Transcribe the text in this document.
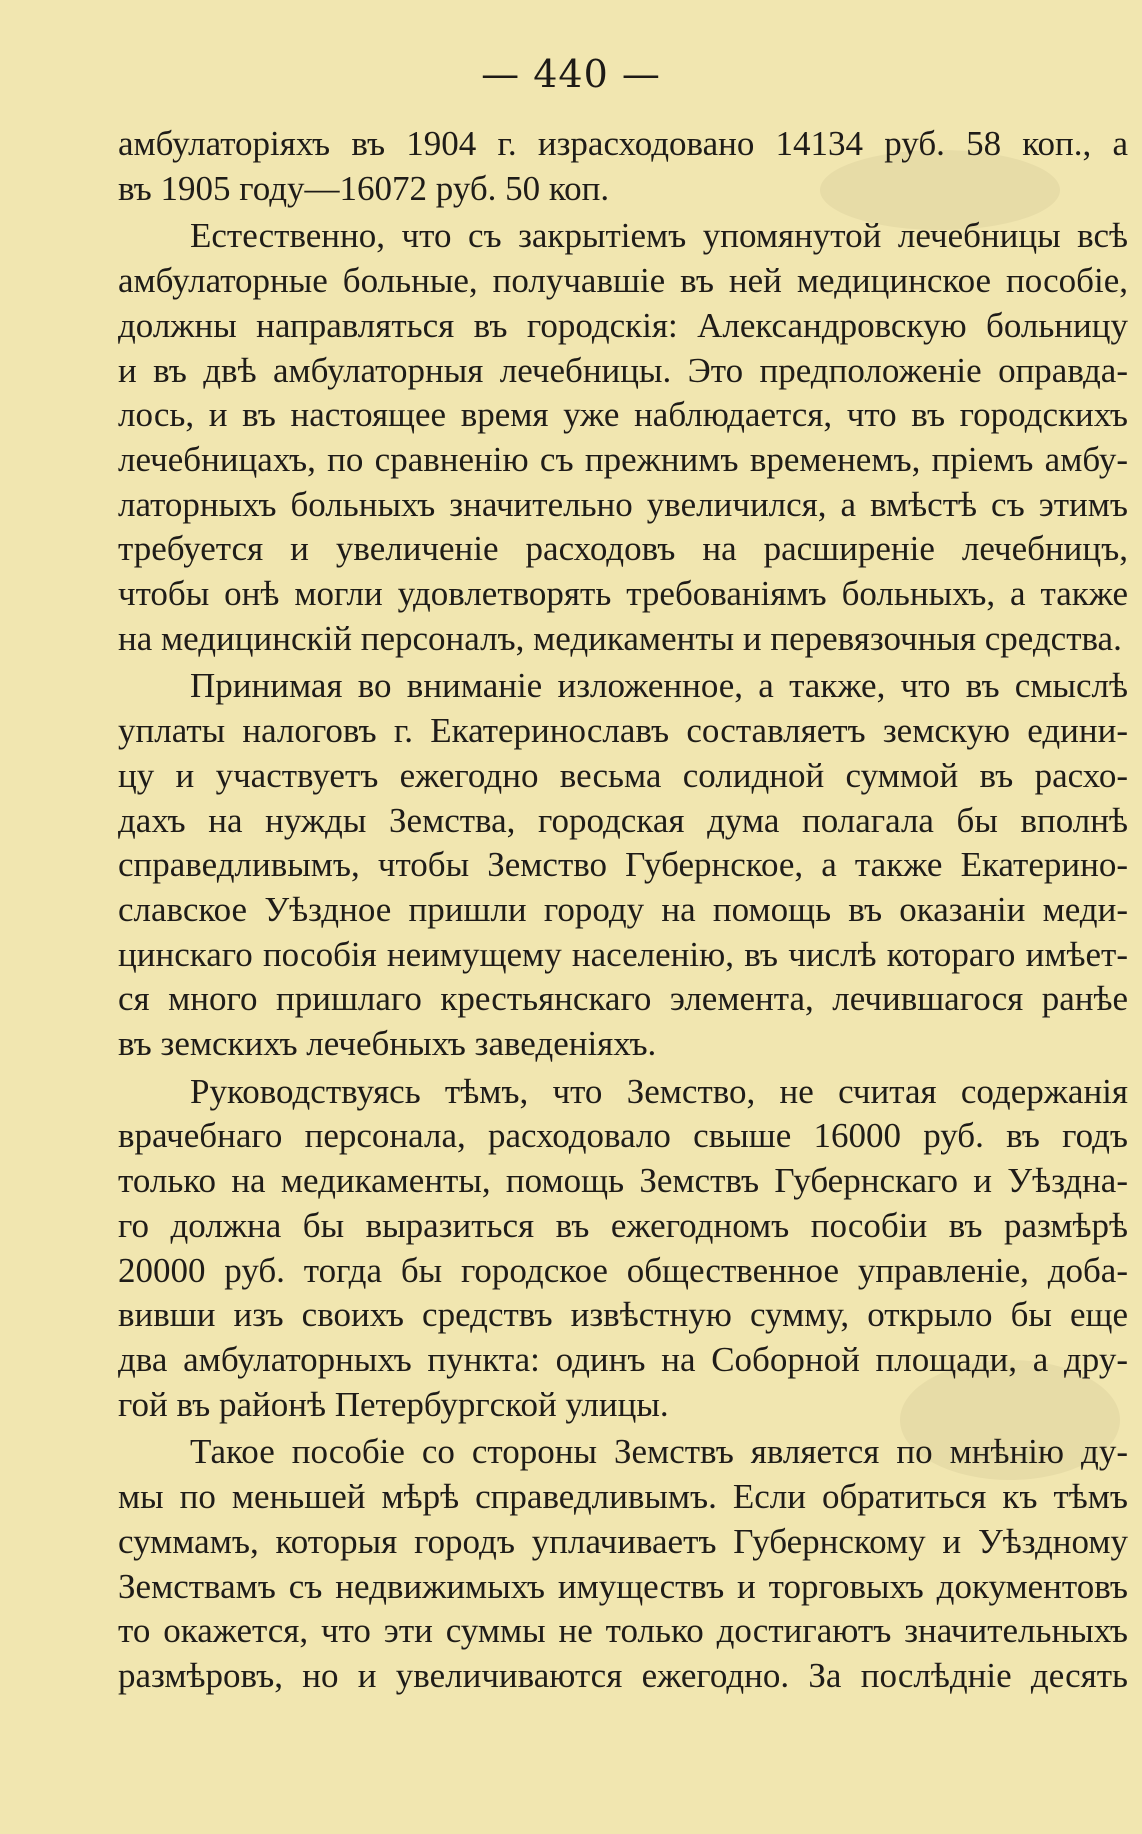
— 440 —

амбулаторіяхъ въ 1904 г. израсходовано 14134 руб. 58 коп., а
въ 1905 году—16072 руб. 50 коп.

Естественно, что съ закрытіемъ упомянутой лечебницы всѣ
амбулаторные больные, получавшіе въ ней медицинское пособіе,
должны направляться въ городскія: Александровскую больницу
и въ двѣ амбулаторныя лечебницы. Это предположеніе оправда-
лось, и въ настоящее время уже наблюдается, что въ городскихъ
лечебницахъ, по сравненію съ прежнимъ временемъ, пріемъ амбу-
латорныхъ больныхъ значительно увеличился, а вмѣстѣ съ этимъ
требуется и увеличеніе расходовъ на расширеніе лечебницъ,
чтобы онѣ могли удовлетворять требованіямъ больныхъ, а также
на медицинскій персоналъ, медикаменты и перевязочныя средства.

Принимая во вниманіе изложенное, а также, что въ смыслѣ
уплаты налоговъ г. Екатеринославъ составляетъ земскую едини-
цу и участвуетъ ежегодно весьма солидной суммой въ расхо-
дахъ на нужды Земства, городская дума полагала бы вполнѣ
справедливымъ, чтобы Земство Губернское, а также Екатерино-
славское Уѣздное пришли городу на помощь въ оказаніи меди-
цинскаго пособія неимущему населенію, въ числѣ котораго имѣет-
ся много пришлаго крестьянскаго элемента, лечившагося ранѣе
въ земскихъ лечебныхъ заведеніяхъ.

Руководствуясь тѣмъ, что Земство, не считая содержанія
врачебнаго персонала, расходовало свыше 16000 руб. въ годъ
только на медикаменты, помощь Земствъ Губернскаго и Уѣздна-
го должна бы выразиться въ ежегодномъ пособіи въ размѣрѣ
20000 руб. тогда бы городское общественное управленіе, доба-
вивши изъ своихъ средствъ извѣстную сумму, открыло бы еще
два амбулаторныхъ пункта: одинъ на Соборной площади, а дру-
гой въ районѣ Петербургской улицы.

Такое пособіе со стороны Земствъ является по мнѣнію ду-
мы по меньшей мѣрѣ справедливымъ. Если обратиться къ тѣмъ
суммамъ, которыя городъ уплачиваетъ Губернскому и Уѣздному
Земствамъ съ недвижимыхъ имуществъ и торговыхъ документовъ
то окажется, что эти суммы не только достигаютъ значительныхъ
размѣровъ, но и увеличиваются ежегодно. За послѣдніе десять
